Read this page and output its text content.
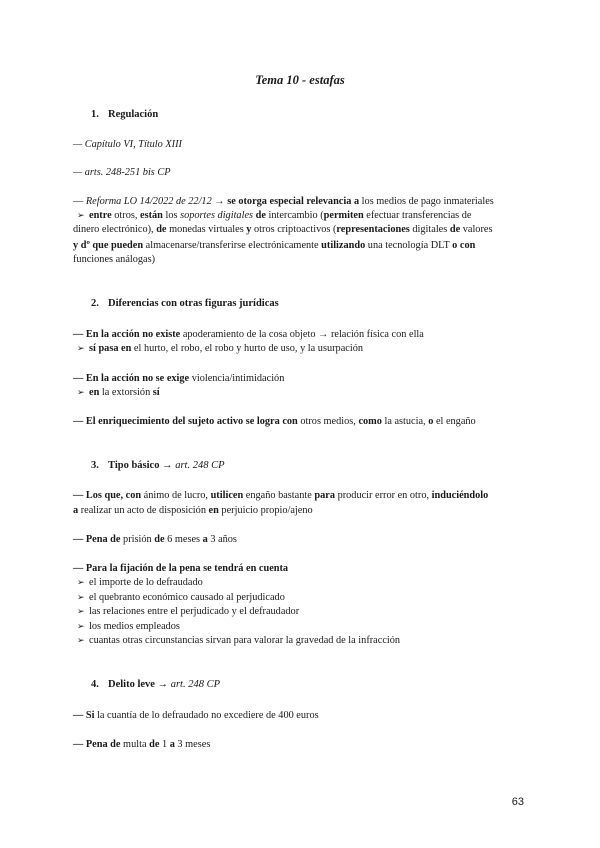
Tema 10 - estafas
1. Regulación
— Capítulo VI, Título XIII
— arts. 248-251 bis CP
— Reforma LO 14/2022 de 22/12 → se otorga especial relevancia a los medios de pago inmateriales
➢ entre otros, están los soportes digitales de intercambio (permiten efectuar transferencias de
dinero electrónico), de monedas virtuales y otros criptoactivos (representaciones digitales de valores
y dº que pueden almacenarse/transferirse electrónicamente utilizando una tecnología DLT o con
funciones análogas)
2. Diferencias con otras figuras jurídicas
— En la acción no existe apoderamiento de la cosa objeto → relación física con ella
➢ sí pasa en el hurto, el robo, el robo y hurto de uso, y la usurpación
— En la acción no se exige violencia/intimidación
➢ en la extorsión sí
— El enriquecimiento del sujeto activo se logra con otros medios, como la astucia, o el engaño
3. Tipo básico → art. 248 CP
— Los que, con ánimo de lucro, utilicen engaño bastante para producir error en otro, induciéndolo
a realizar un acto de disposición en perjuicio propio/ajeno
— Pena de prisión de 6 meses a 3 años
— Para la fijación de la pena se tendrá en cuenta
➢ el importe de lo defraudado
➢ el quebranto económico causado al perjudicado
➢ las relaciones entre el perjudicado y el defraudador
➢ los medios empleados
➢ cuantas otras circunstancias sirvan para valorar la gravedad de la infracción
4. Delito leve → art. 248 CP
— Si la cuantía de lo defraudado no excediere de 400 euros
— Pena de multa de 1 a 3 meses
63
